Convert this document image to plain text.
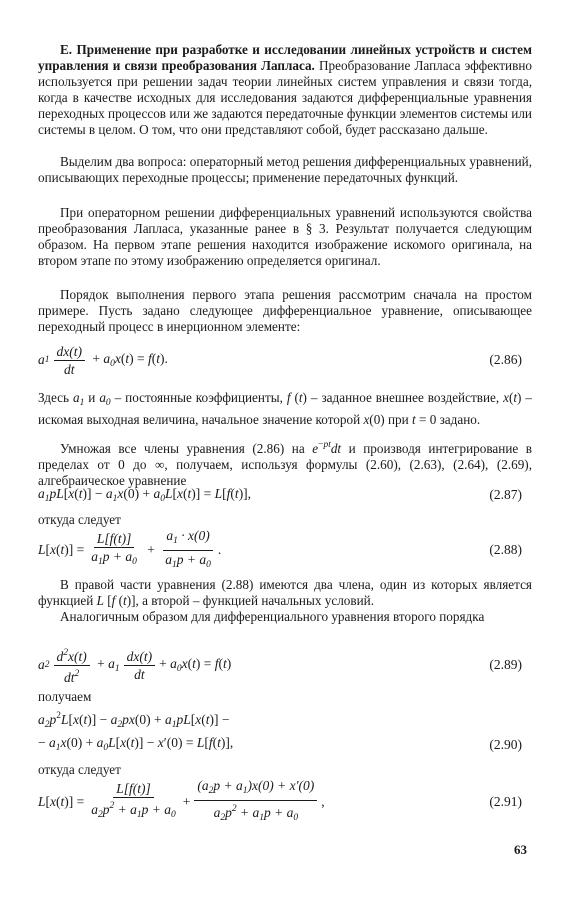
Е. Применение при разработке и исследовании линейных устройств и систем управления и связи преобразования Лапласа. Преобразование Лапласа эффективно используется при решении задач теории линейных систем управления и связи тогда, когда в качестве исходных для исследования задаются дифференциальные уравнения переходных процессов или же задаются передаточные функции элементов системы или системы в целом. О том, что они представляют собой, будет рассказано дальше.

Выделим два вопроса: операторный метод решения дифференциальных уравнений, описывающих переходные процессы; применение передаточных функций.

При операторном решении дифференциальных уравнений используются свойства преобразования Лапласа, указанные ранее в § 3. Результат получается следующим образом. На первом этапе решения находится изображение искомого оригинала, на втором этапе по этому изображению определяется оригинал.

Порядок выполнения первого этапа решения рассмотрим сначала на простом примере. Пусть задано следующее дифференциальное уравнение, описывающее переходный процесс в инерционном элементе:

a $1 \frac{dx(t)}{dt} + a_0x(t) = f(t)$.	(2.86)

Здесь $a_1$ и $a_0$ – постоянные коэффициенты, f (t) – заданное внешнее воздействие, x(t) – искомая выходная величина, начальное значение которой x(0) при t = 0 задано.

Умножая все члены уравнения (2.86) на $e^{-pt}dt$ и производя интегрирование в пределах от 0 до ∞, получаем, используя формулы (2.60), (2.63), (2.64), (2.69), алгебраическое уравнение

$a_1pL[x(t)] - a_1x(0) + a_0L[x(t)] = L[f(t)]$,	(2.87)

откуда следует

$L[x(t)] = \frac{L[f(t)]}{a_1p + a_0} + \frac{a_1 \cdot x(0)}{a_1p + a_0}$ .	(2.88)

В правой части уравнения (2.88) имеются два члена, один из которых является функцией L [f (t)], а второй – функцией начальных условий.

Аналогичным образом для дифференциального уравнения второго порядка

a $2 \frac{d^2x(t)}{dt^2} + a_1 \frac{dx(t)}{dt} + a_0x(t) = f(t)$	(2.89)

получаем

$a_2p^2L[x(t)] - a_2px(0) + a_1pL[x(t)]$ −
− $a_1x(0) + a_0L[x(t)] - x'(0) = L[f(t)]$,	(2.90)

откуда следует

$L[x(t)] = \frac{L[f(t)]}{a_2p^2 + a_1p + a_0} + \frac{(a_2p + a_1)x(0) + x'(0)}{a_2p^2 + a_1p + a_0}$ ,	(2.91)
63
